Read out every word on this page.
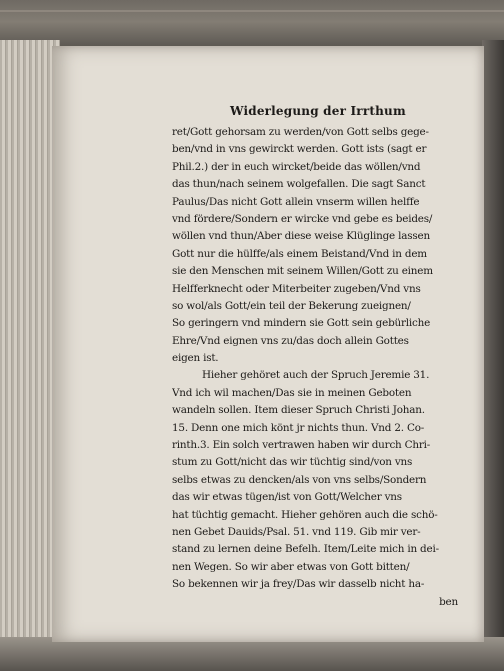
Widerlegung der Irrthum
ret/Gott gehorsam zu werden/von Gott selbs gege-
ben/vnd in vns gewirckt werden. Gott ists (sagt er
Phil.2.) der in euch wircket/beide das wöllen/vnd
das thun/nach seinem wolgefallen. Die sagt Sanct
Paulus/Das nicht Gott allein vnserm willen helffe
vnd fördere/Sondern er wircke vnd gebe es beides/
wöllen vnd thun/Aber diese weise Klüglinge lassen
Gott nur die hülffe/als einem Beistand/Vnd in dem
sie den Menschen mit seinem Willen/Gott zu einem
Helfferknecht oder Miterbeiter zugeben/Vnd vns
so wol/als Gott/ein teil der Bekerung zueignen/
So geringern vnd mindern sie Gott sein gebürliche
Ehre/Vnd eignen vns zu/das doch allein Gottes
eigen ist.
Hieher gehöret auch der Spruch Jeremie 31.
Vnd ich wil machen/Das sie in meinen Geboten
wandeln sollen. Item dieser Spruch Christi Johan.
15. Denn one mich könt jr nichts thun. Vnd 2. Co-
rinth.3. Ein solch vertrawen haben wir durch Chri-
stum zu Gott/nicht das wir tüchtig sind/von vns
selbs etwas zu dencken/als von vns selbs/Sondern
das wir etwas tügen/ist von Gott/Welcher vns
hat tüchtig gemacht. Hieher gehören auch die schö-
nen Gebet Dauids/Psal. 51. vnd 119. Gib mir ver-
stand zu lernen deine Befelh. Item/Leite mich in dei-
nen Wegen. So wir aber etwas von Gott bitten/
So bekennen wir ja frey/Das wir dasselb nicht ha-
ben
